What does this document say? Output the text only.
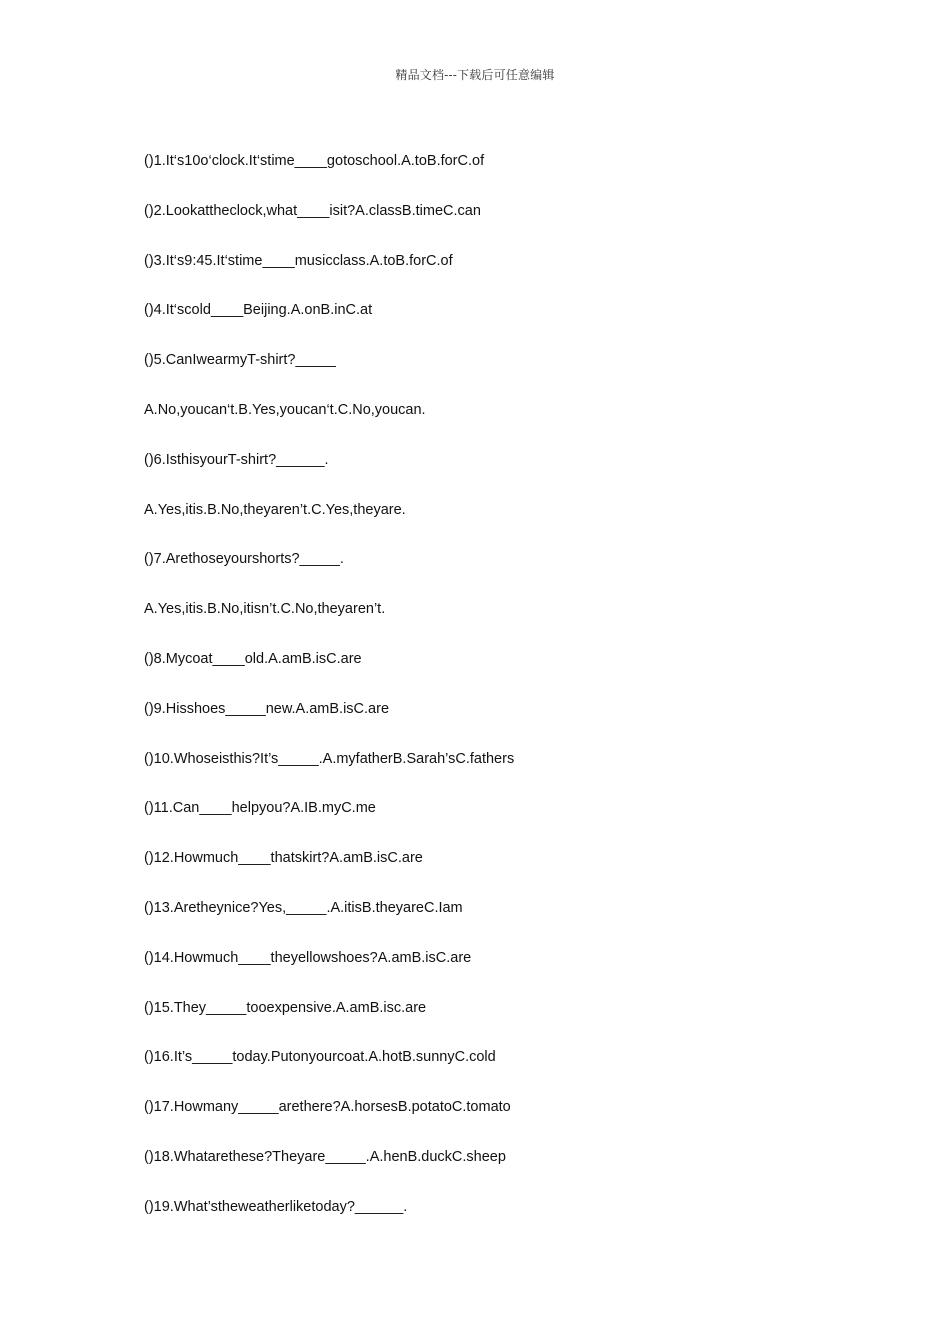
精品文档---下载后可任意编辑
()1.It‘s10o‘clock.It‘stime____gotoschool.A.toB.forC.of
()2.Lookattheclock,what____isit?A.classB.timeC.can
()3.It‘s9:45.It‘stime____musicclass.A.toB.forC.of
()4.It‘scold____Beijing.A.onB.inC.at
()5.CanIwearmyT-shirt?_____
A.No,youcan‘t.B.Yes,youcan‘t.C.No,youcan.
()6.IsthisyourT-shirt?______.
A.Yes,itis.B.No,theyaren’t.C.Yes,theyare.
()7.Arethoseyourshorts?_____.
A.Yes,itis.B.No,itisn’t.C.No,theyaren’t.
()8.Mycoat____old.A.amB.isC.are
()9.Hisshoes_____new.A.amB.isC.are
()10.Whoseisthis?It’s_____.A.myfatherB.Sarah’sC.fathers
()11.Can____helpyou?A.IB.myC.me
()12.Howmuch____thatskirt?A.amB.isC.are
()13.Aretheynice?Yes,_____.A.itisB.theyareC.Iam
()14.Howmuch____theyellowshoes?A.amB.isC.are
()15.They_____tooexpensive.A.amB.isc.are
()16.It’s_____today.Putonyourcoat.A.hotB.sunnyC.cold
()17.Howmany_____arethere?A.horsesB.potatoC.tomato
()18.Whatarethese?Theyare_____.A.henB.duckC.sheep
()19.What’stheweatherliketoday?______.
